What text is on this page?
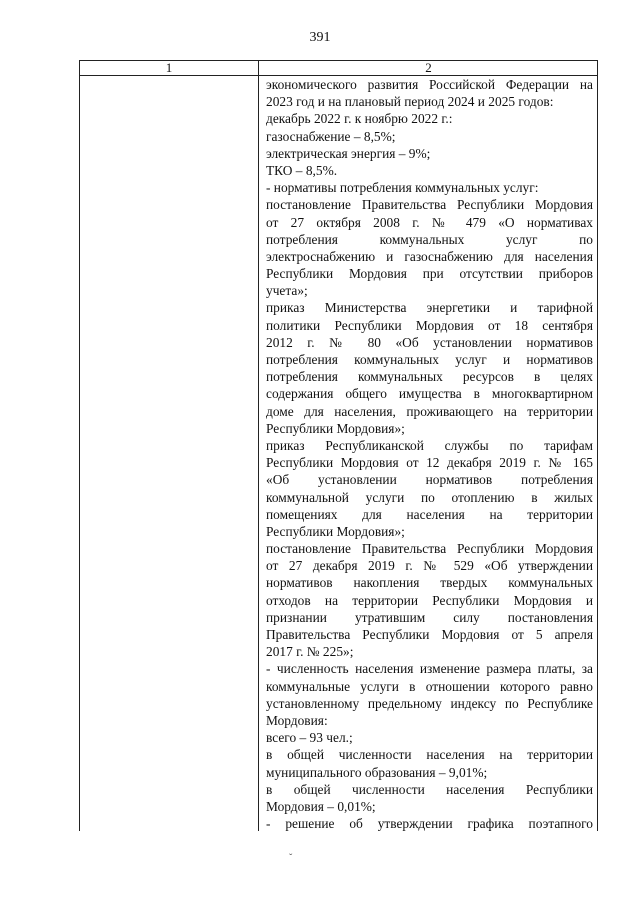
391
1	2
экономического развития Российской Федерации на
2023 год и на плановый период 2024 и 2025 годов:
декабрь 2022 г. к ноябрю 2022 г.:
газоснабжение – 8,5%;
электрическая энергия – 9%;
ТКО – 8,5%.
- нормативы потребления коммунальных услуг:
постановление Правительства Республики Мордовия
от 27 октября 2008 г. № 479 «О нормативах
потребления коммунальных услуг по
электроснабжению и газоснабжению для населения
Республики Мордовия при отсутствии приборов
учета»;
приказ Министерства энергетики и тарифной
политики Республики Мордовия от 18 сентября
2012 г. № 80 «Об установлении нормативов
потребления коммунальных услуг и нормативов
потребления коммунальных ресурсов в целях
содержания общего имущества в многоквартирном
доме для населения, проживающего на территории
Республики Мордовия»;
приказ Республиканской службы по тарифам
Республики Мордовия от 12 декабря 2019 г. № 165
«Об установлении нормативов потребления
коммунальной услуги по отоплению в жилых
помещениях для населения на территории
Республики Мордовия»;
постановление Правительства Республики Мордовия
от 27 декабря 2019 г. № 529 «Об утверждении
нормативов накопления твердых коммунальных
отходов на территории Республики Мордовия и
признании утратившим силу постановления
Правительства Республики Мордовия от 5 апреля
2017 г. № 225»;
- численность населения изменение размера платы, за
коммунальные услуги в отношении которого равно
установленному предельному индексу по Республике
Мордовия:
всего – 93 чел.;
в общей численности населения на территории
муниципального образования – 9,01%;
в общей численности населения Республики
Мордовия – 0,01%;
- решение об утверждении графика поэтапного
ˇ
